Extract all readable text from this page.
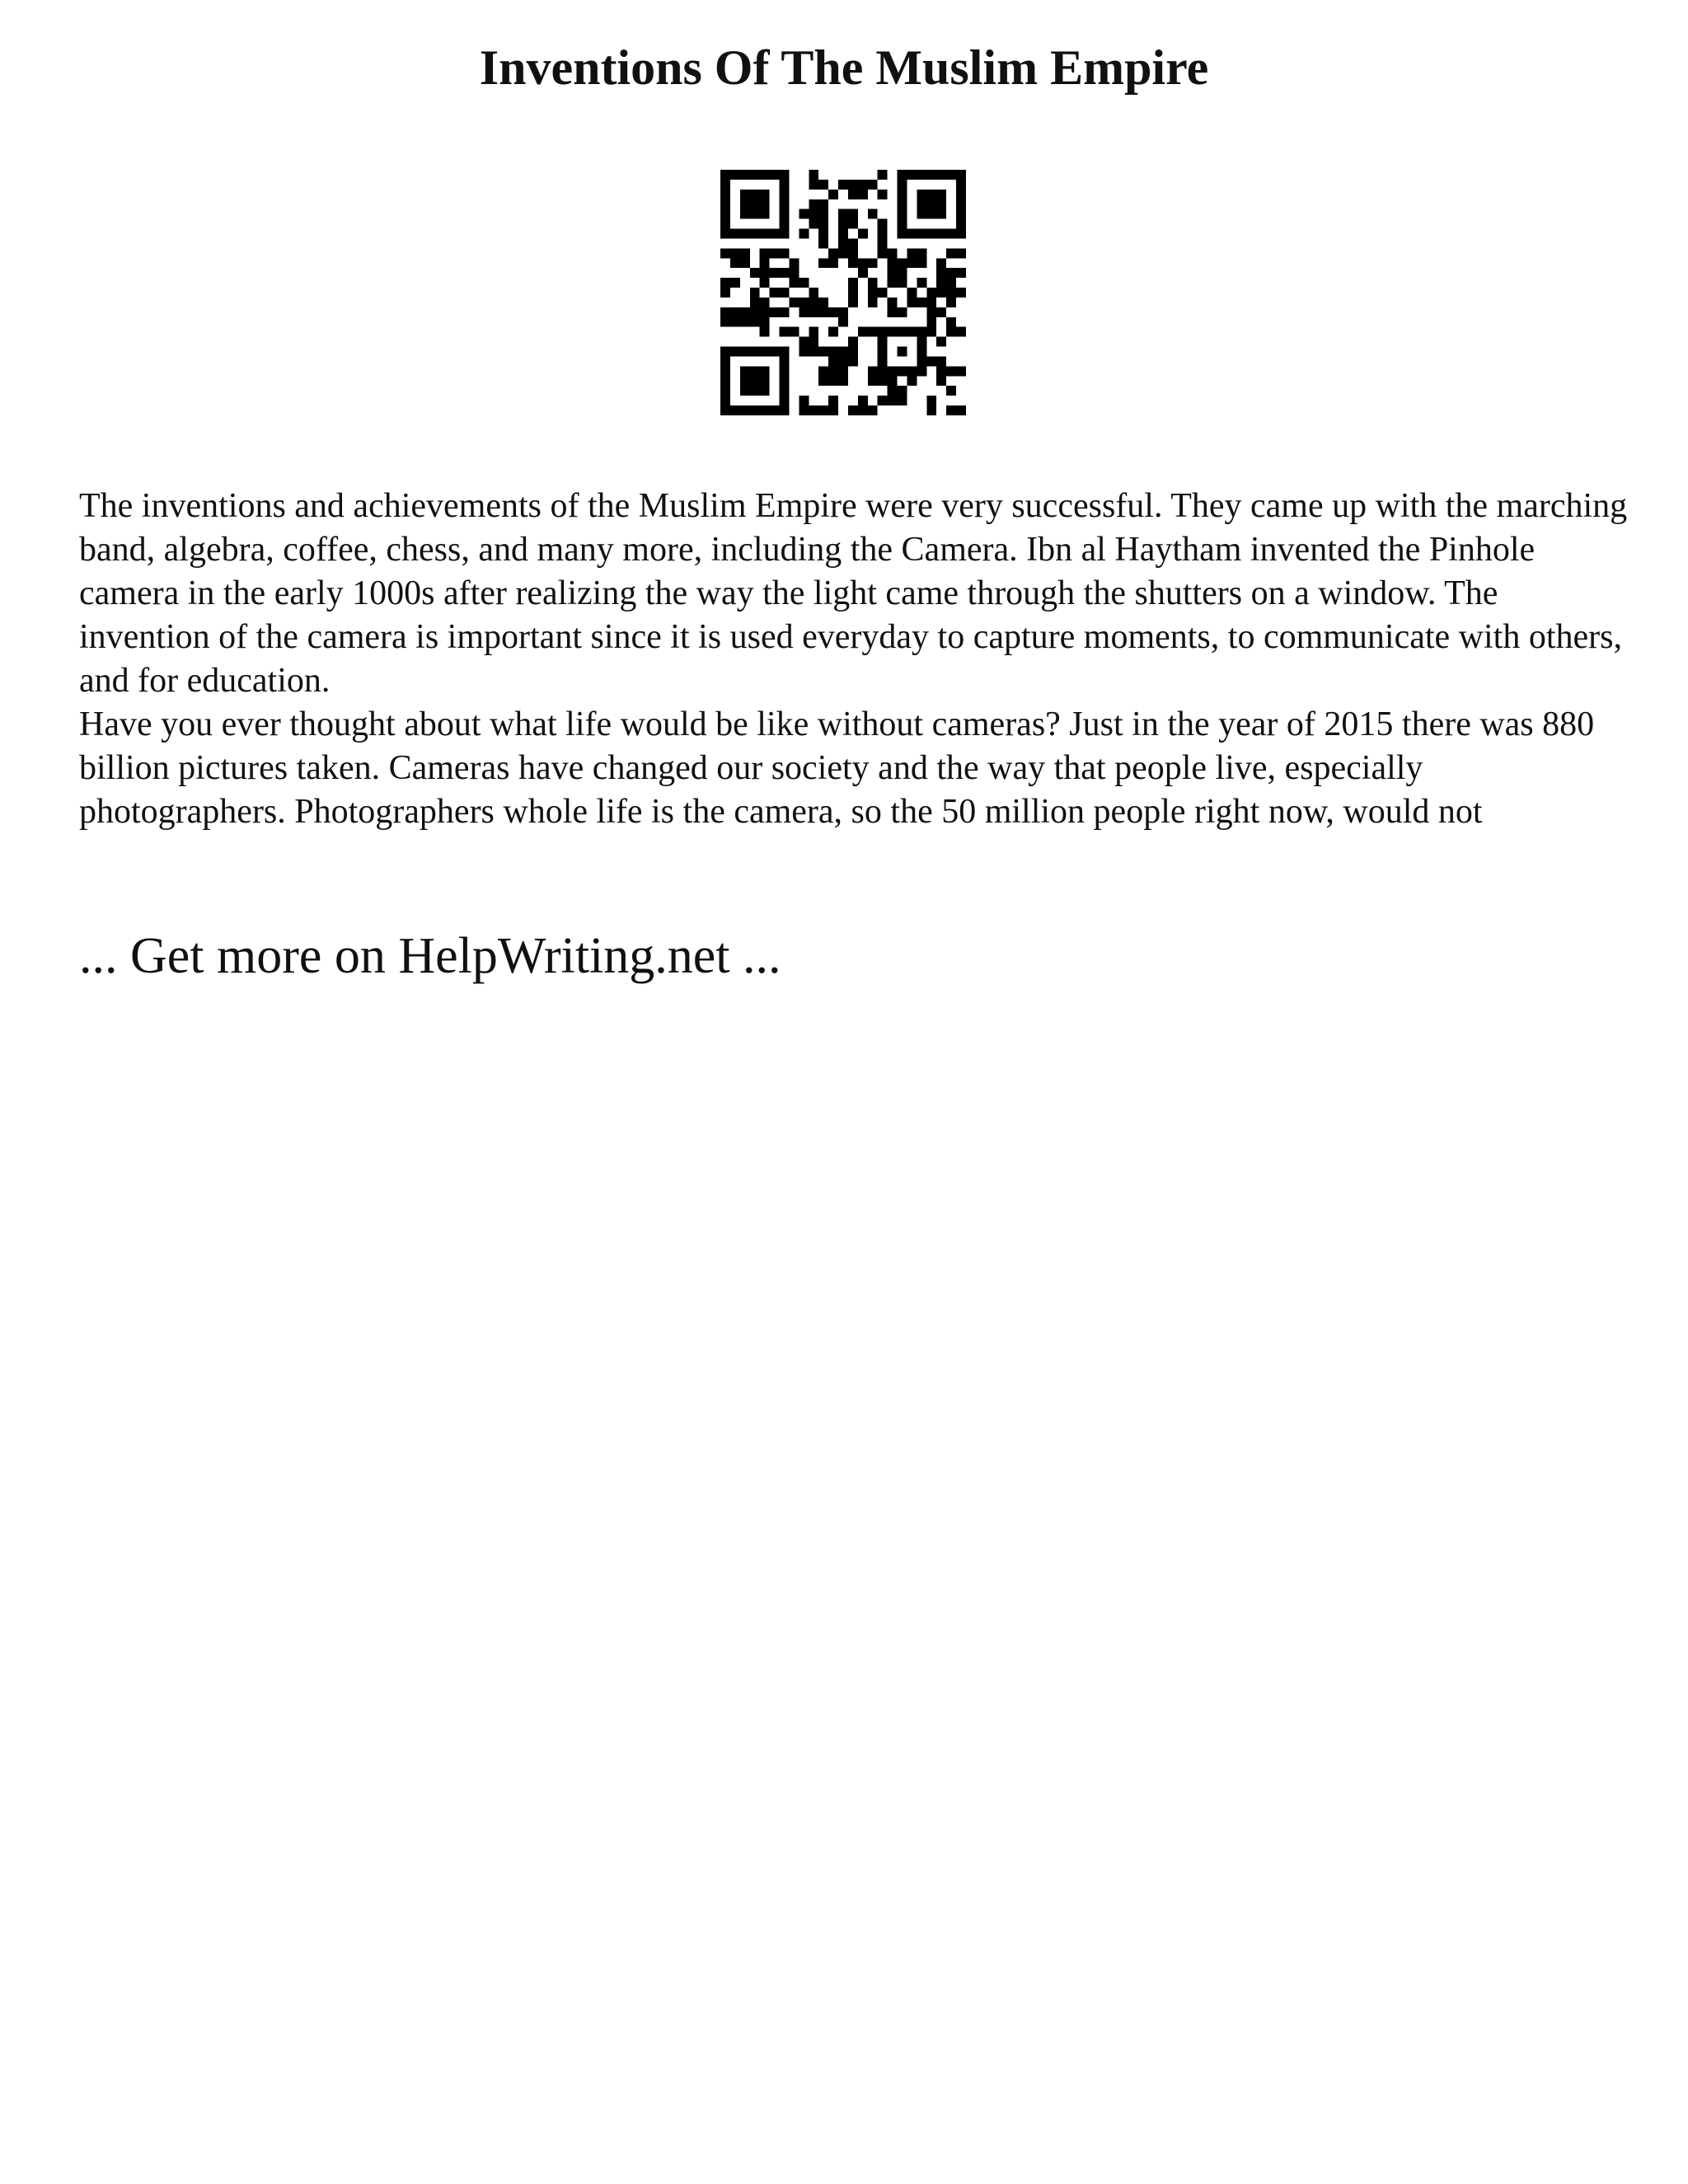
Inventions Of The Muslim Empire

The inventions and achievements of the Muslim Empire were very successful. They came up with the marching band, algebra, coffee, chess, and many more, including the Camera. Ibn al Haytham invented the Pinhole camera in the early 1000s after realizing the way the light came through the shutters on a window. The invention of the camera is important since it is used everyday to capture moments, to communicate with others, and for education.

Have you ever thought about what life would be like without cameras? Just in the year of 2015 there was 880 billion pictures taken. Cameras have changed our society and the way that people live, especially photographers. Photographers whole life is the camera, so the 50 million people right now, would not

... Get more on HelpWriting.net ...
